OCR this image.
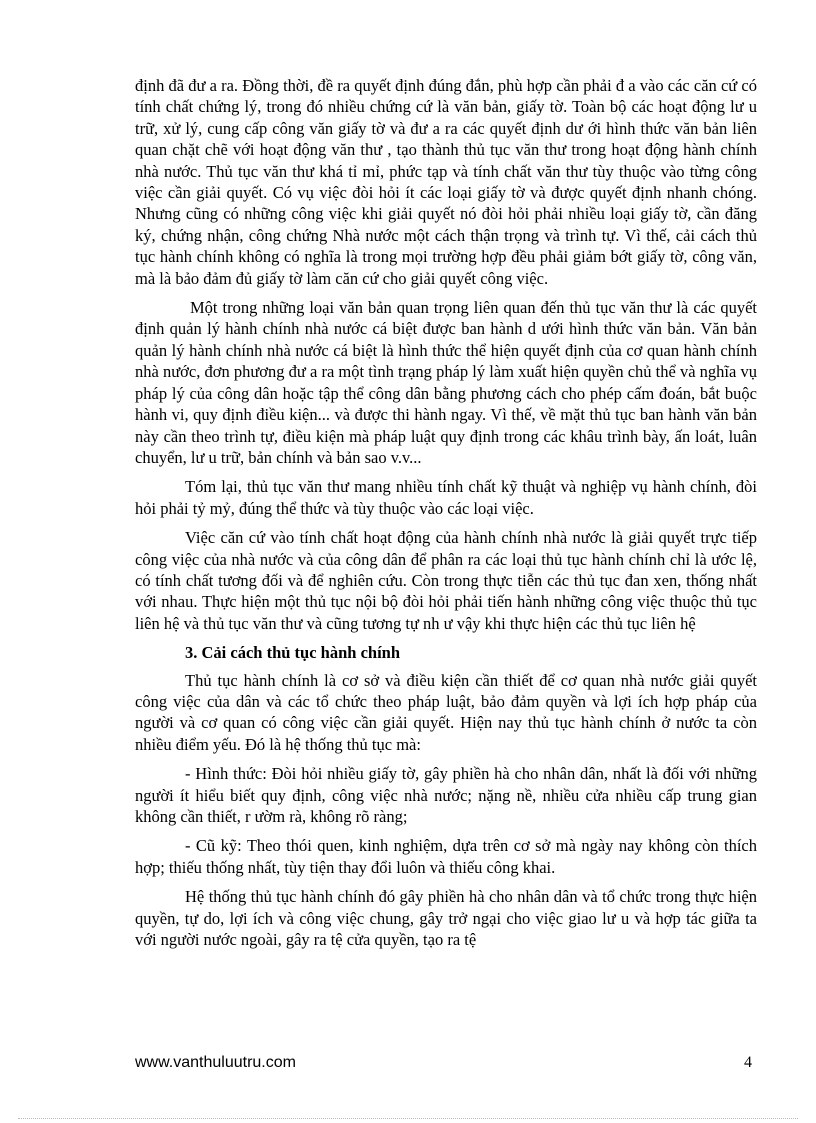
định đã đư a ra. Đồng thời, đề ra quyết định đúng đắn, phù hợp cần phải đ a vào các căn cứ có tính chất chứng lý, trong đó nhiều chứng cứ là văn bản, giấy tờ. Toàn bộ các hoạt động lư u trữ, xử lý, cung cấp công văn giấy tờ và đư a ra các quyết định dư ới hình thức văn bản liên quan chặt chẽ với hoạt động văn thư , tạo thành thủ tục văn thư trong hoạt động hành chính nhà nước. Thủ tục văn thư khá tỉ mỉ, phức tạp và tính chất văn thư tùy thuộc vào từng công việc cần giải quyết. Có vụ việc đòi hỏi ít các loại giấy tờ và được quyết định nhanh chóng. Nhưng cũng có những công việc khi giải quyết nó đòi hỏi phải nhiều loại giấy tờ, cần đăng ký, chứng nhận, công chứng Nhà nước một cách thận trọng và trình tự. Vì thế, cải cách thủ tục hành chính không có nghĩa là trong mọi trường hợp đều phải giảm bớt giấy tờ, công văn, mà là bảo đảm đủ giấy tờ làm căn cứ cho giải quyết công việc.

Một trong những loại văn bản quan trọng liên quan đến thủ tục văn thư là các quyết định quản lý hành chính nhà nước cá biệt được ban hành d ưới hình thức văn bản. Văn bản quản lý hành chính nhà nước cá biệt là hình thức thể hiện quyết định của cơ quan hành chính nhà nước, đơn phương đư a ra một tình trạng pháp lý làm xuất hiện quyền chủ thể và nghĩa vụ pháp lý của công dân hoặc tập thể công dân bằng phương cách cho phép cấm đoán, bắt buộc hành vi, quy định điều kiện... và được thi hành ngay. Vì thế, về mặt thủ tục ban hành văn bản này cần theo trình tự, điều kiện mà pháp luật quy định trong các khâu trình bày, ấn loát, luân chuyển, lư u trữ, bản chính và bản sao v.v...

Tóm lại, thủ tục văn thư mang nhiều tính chất kỹ thuật và nghiệp vụ hành chính, đòi hỏi phải tỷ mỷ, đúng thể thức và tùy thuộc vào các loại việc.

Việc căn cứ vào tính chất hoạt động của hành chính nhà nước là giải quyết trực tiếp công việc của nhà nước và của công dân để phân ra các loại thủ tục hành chính chỉ là ước lệ, có tính chất tương đối và để nghiên cứu. Còn trong thực tiễn các thủ tục đan xen, thống nhất với nhau. Thực hiện một thủ tục nội bộ đòi hỏi phải tiến hành những công việc thuộc thủ tục liên hệ và thủ tục văn thư và cũng tương tự nh ư vậy khi thực hiện các thủ tục liên hệ

3. Cải cách thủ tục hành chính

Thủ tục hành chính là cơ sở và điều kiện cần thiết để cơ quan nhà nước giải quyết công việc của dân và các tổ chức theo pháp luật, bảo đảm quyền và lợi ích hợp pháp của người và cơ quan có công việc cần giải quyết. Hiện nay thủ tục hành chính ở nước ta còn nhiều điểm yếu. Đó là hệ thống thủ tục mà:

- Hình thức: Đòi hỏi nhiều giấy tờ, gây phiền hà cho nhân dân, nhất là đối với những người ít hiểu biết quy định, công việc nhà nước; nặng nề, nhiều cửa nhiều cấp trung gian không cần thiết, r ườm rà, không rõ ràng;

- Cũ kỹ: Theo thói quen, kinh nghiệm, dựa trên cơ sở mà ngày nay không còn thích hợp; thiếu thống nhất, tùy tiện thay đổi luôn và thiếu công khai.

Hệ thống thủ tục hành chính đó gây phiền hà cho nhân dân và tổ chức trong thực hiện quyền, tự do, lợi ích và công việc chung, gây trở ngại cho việc giao lư u và hợp tác giữa ta với người nước ngoài, gây ra tệ cửa quyền, tạo ra tệ

www.vanthuluutru.com	4
